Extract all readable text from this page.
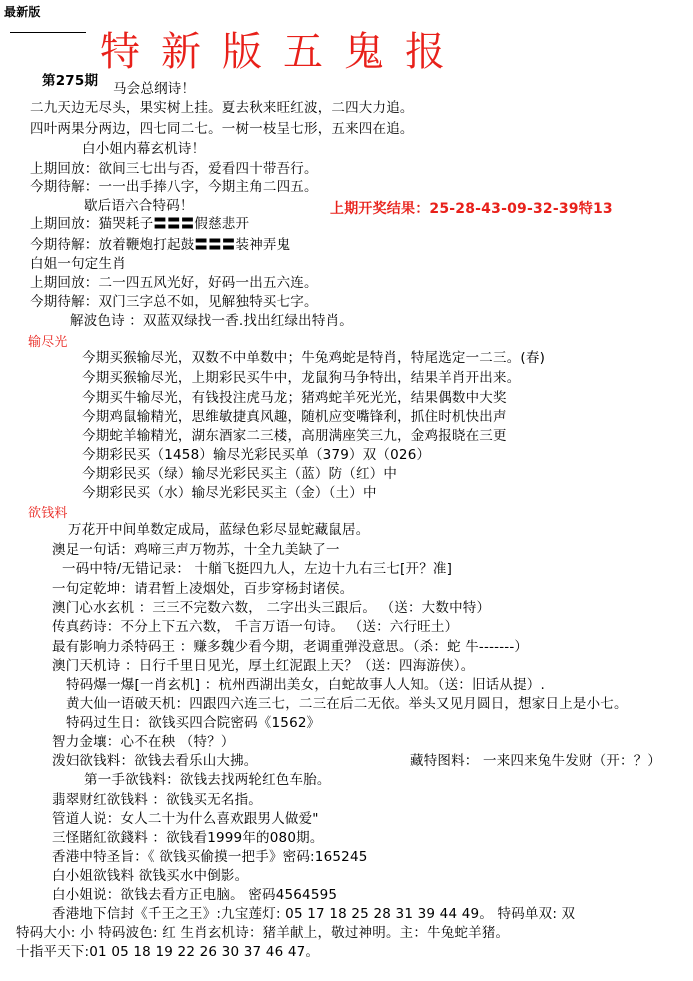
最新版
特新版五鬼报
第275期 马会总纲诗！
二九天边无尽头，果实树上挂。夏去秋来旺红波，二四大力追。
四叶两果分两边，四七同二七。一树一枝呈七形，五来四在追。
白小姐内幕玄机诗！
上期回放：欲间三七出与否，爱看四十带吾行。
今期待解：一一出手捧八字，今期主角二四五。
歇后语六合特码！	上期开奖结果：25-28-43-09-32-39特13
上期回放：猫哭耗子〓〓〓假慈悲开
今期待解：放着鞭炮打起鼓〓〓〓装神弄鬼
白姐一句定生肖
上期回放：二一四五风光好，好码一出五六连。
今期待解：双门三字总不如，见解独特买七字。
解波色诗 ：双蓝双绿找一香.找出红绿出特肖。
输尽光
今期买猴输尽光，双数不中单数中；牛兔鸡蛇是特肖，特尾选定一二三。(春)
今期买猴输尽光，上期彩民买牛中，龙鼠狗马争特出，结果羊肖开出来。
今期买牛输尽光，有钱投注虎马龙；猪鸡蛇羊死光光，结果偶数中大奖
今期鸡鼠输精光，思维敏捷真风趣，随机应变嘴锋利，抓住时机快出声
今期蛇羊输精光，湖东酒家二三楼，高朋满座笑三九，金鸡报晓在三更
今期彩民买（1458）输尽光彩民买单（379）双（026）
今期彩民买（绿）输尽光彩民买主（蓝）防（红）中
今期彩民买（水）输尽光彩民买主（金）（土）中
欲钱料
万花开中间单数定成局，蓝绿色彩尽显蛇藏鼠居。
澳足一句话：鸡啼三声万物苏，十全九美缺了一
一码中特/无错记录： 十艏飞挺四九人，左边十九右三七[开？准]
一句定乾坤：请君暂上凌烟处，百步穿杨封诸侯。
澳门心水玄机 ：三三不完数六数， 二字出头三跟后。 （送：大数中特）
传真药诗：不分上下五六数， 千言万语一句诗。 （送：六行旺土）
最有影响力杀特码王 ：赚多魏少看今期，老调重弹没意思。（杀：蛇 牛-------）
澳门天机诗 ：日行千里日见光，厚土红泥跟上天？（送：四海游侠）。
特码爆一爆[一肖玄机] ：杭州西湖出美女，白蛇故事人人知。（送：旧话从提）.
黄大仙一语破天机：四跟四六连三七，二三在后二无依。举头又见月圆日，想家日上是小七。
特码过生日：欲钱买四合院密码《1562》
智力金壤：心不在秧 （特？）
泼妇欲钱料：欲钱去看乐山大拂。	藏特图料： 一来四来兔牛发财（开：？）
第一手欲钱料：欲钱去找两轮红色车胎。
翡翠财红欲钱料 ：欲钱买无名指。
管道人说：女人二十为什么喜欢跟男人做爱"
三怪賭紅欲錢料 ：欲钱看1999年的080期。
香港中特圣旨：《 欲钱买偷摸一把手》密码:165245
白小姐欲钱料 欲钱买水中倒影。
白小姐说：欲钱去看方正电脑。 密码4564595
香港地下信封《千王之王》:九宝莲灯: 05 17 18 25 28 31 39 44 49。 特码单双: 双
特码大小: 小 特码波色: 红 生肖玄机诗：猪羊献上，敬过神明。主：牛兔蛇羊猪。
十指平天下:01 05 18 19 22 26 30 37 46 47。
